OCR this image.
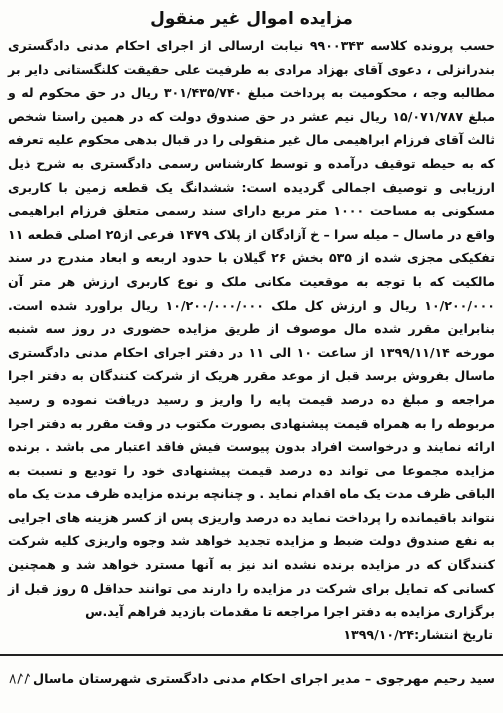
مزایده اموال غیر منقول

حسب پرونده کلاسه ۹۹۰۰۳۴۳ نیابت ارسالی از اجرای احکام مدنی دادگستری بندرانزلی ، دعوی آقای بهزاد مرادی به طرفیت علی حقیقت کلنگستانی دایر بر مطالبه وجه ، محکومیت به پرداخت مبلغ ۳۰۱/۴۳۵/۷۴۰ ریال در حق محکوم له و مبلغ ۱۵/۰۷۱/۷۸۷ ریال نیم عشر در حق صندوق دولت که در همین راستا شخص ثالث آقای فرزام ابراهیمی مال غیر منقولی را در قبال بدهی محکوم علیه تعرفه که به حیطه توقیف درآمده و توسط کارشناس رسمی دادگستری به شرح ذیل ارزیابی و توصیف اجمالی گردیده است: ششدانگ یک قطعه زمین با کاربری مسکونی به مساحت ۱۰۰۰ متر مربع دارای سند رسمی متعلق فرزام ابراهیمی واقع در ماسال – میله سرا – خ آزادگان از پلاک ۱۴۷۹ فرعی از۲۵ اصلی قطعه ۱۱ تفکیکی مجزی شده از ۵۳۵ بخش ۲۶ گیلان با حدود اربعه و ابعاد مندرج در سند مالکیت که با توجه به موقعیت مکانی ملک و نوع کاربری ارزش هر متر آن ۱۰/۲۰۰/۰۰۰ ریال و ارزش کل ملک ۱۰/۲۰۰/۰۰۰/۰۰۰ ریال براورد شده است. بنابراین مقرر شده مال موصوف از طریق مزایده حضوری در روز سه شنبه مورخه ۱۳۹۹/۱۱/۱۴ از ساعت ۱۰ الی ۱۱ در دفتر اجرای احکام مدنی دادگستری ماسال بفروش برسد قبل از موعد مقرر هریک از شرکت کنندگان به دفتر اجرا مراجعه و مبلغ ده درصد قیمت پایه را واریز و رسید دریافت نموده و رسید مربوطه را به همراه قیمت پیشنهادی بصورت مکتوب در وقت مقرر به دفتر اجرا ارائه نمایند و درخواست افراد بدون پیوست فیش فاقد اعتبار می باشد . برنده مزایده مجموعا می تواند ده درصد قیمت پیشنهادی خود را تودیع و نسبت به الباقی ظرف مدت یک ماه اقدام نماید . و چنانچه برنده مزایده ظرف مدت یک ماه نتواند باقیمانده را پرداخت نماید ده درصد واریزی پس از کسر هزینه های اجرایی به نفع صندوق دولت ضبط و مزایده تجدید خواهد شد وجوه واریزی کلیه شرکت کنندگان که در مزایده برنده نشده اند نیز به آنها مسترد خواهد شد و همچنین کسانی که تمایل برای شرکت در مزایده را دارند می توانند حداقل ۵ روز قبل از برگزاری مزایده به دفتر اجرا مراجعه تا مقدمات بازدید فراهم آید.س

تاریخ انتشار:۱۳۹۹/۱۰/۲۴

سید رحیم مهرجوی – مدیر اجرای احکام مدنی دادگستری شهرستان ماسال
